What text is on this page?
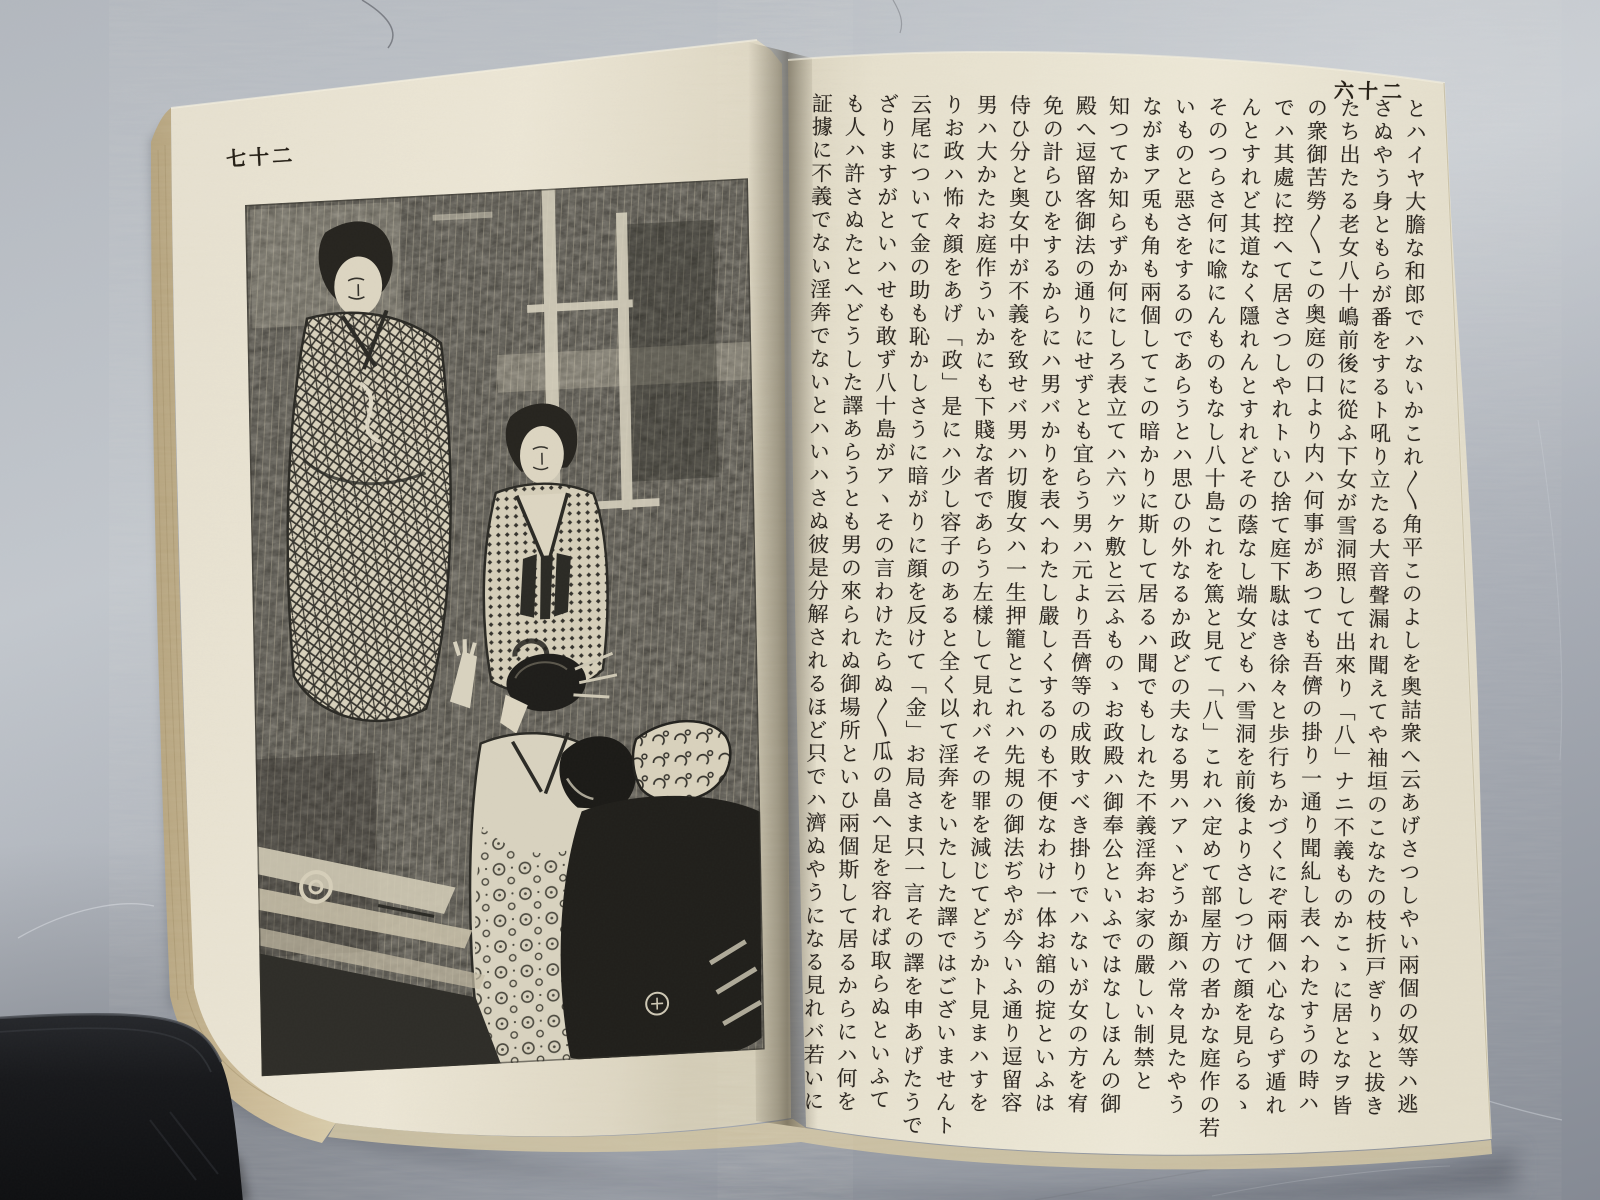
七十二
六十二
とハイヤ大膽な和郎でハないかこれ〱角平このよしを奥詰衆へ云あげさつしやい兩個の奴等ハ逃
さぬやう身ともらが番をするト吼り立たる大音聲漏れ聞えてや袖垣のこなたの枝折戸ぎりゝと拔き
たち出たる老女八十嶋前後に從ふ下女が雪洞照して出來り「八」ナニ不義ものかこゝに居となヲ皆
の衆御苦勞〱この奥庭の口より内ハ何事があつても吾儕の掛り一通り聞糺し表へわたすうの時ハ
でハ其處に控へて居さつしやれトいひ捨て庭下駄はき徐々と歩行ちかづくにぞ兩個ハ心ならず遁れ
んとすれど其道なく隱れんとすれどその蔭なし端女どもハ雪洞を前後よりさしつけて顔を見らるゝ
そのつらさ何に喩にんものもなし八十島これを篤と見て「八」これハ定めて部屋方の者かな庭作の若
いものと惡さをするのであらうとハ思ひの外なるか政どの夫なる男ハアヽどうか顔ハ常々見たやう
ながまア兎も角も兩個してこの暗かりに斯して居るハ聞でもしれた不義淫奔お家の嚴しい制禁と
知つてか知らずか何にしろ表立てハ六ッケ敷と云ふものゝお政殿ハ御奉公といふではなしほんの御
殿へ逗留客御法の通りにせずとも宜らう男ハ元より吾儕等の成敗すべき掛りでハないが女の方を宥
免の計らひをするからにハ男バかりを表へわたし嚴しくするのも不便なわけ一体お舘の掟といふは
侍ひ分と奥女中が不義を致せバ男ハ切腹女ハ一生押籠とこれハ先規の御法ぢやが今いふ通り逗留容
男ハ大かたお庭作ういかにも下賤な者であらう左樣して見れバその罪を減じてどうかト見まハすを
りお政ハ怖々顔をあげ「政」是にハ少し容子のあると全く以て淫奔をいたした譯ではございませんト
云尾について金の助も恥かしさうに暗がりに顔を反けて「金」お局さま只一言その譯を申あげたうで
ざりますがといハせも敢ず八十島がアヽその言わけたらぬ〱瓜の畠へ足を容れば取らぬといふて
も人ハ許さぬたとヘどうした譯あらうとも男の來られぬ御場所といひ兩個斯して居るからにハ何を
証據に不義でない淫奔でないとハいハさぬ彼是分解されるほど只でハ濟ぬやうになる見れバ若いに
